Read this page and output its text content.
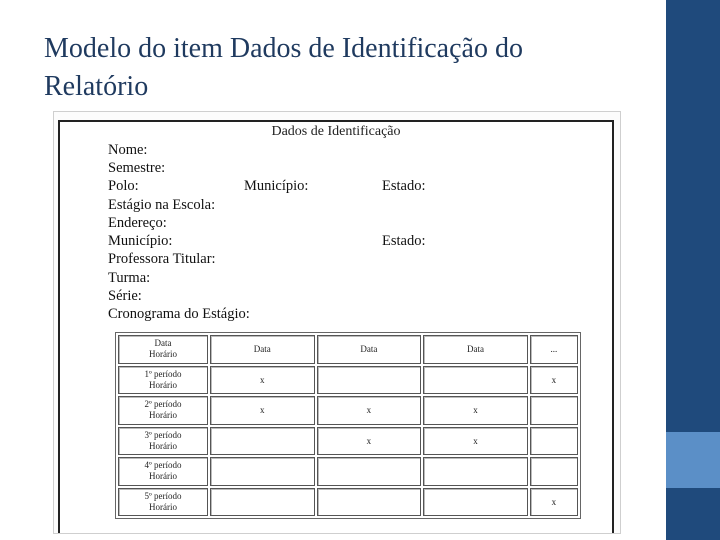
Modelo do item Dados de Identificação do
Relatório
Dados de Identificação
Nome:
Semestre:
Polo:	Município:	Estado:
Estágio na Escola:
Endereço:
Município:	Estado:
Professora Titular:
Turma:
Série:
Cronograma do Estágio:
Data
Horário	Data	Data	Data	...

1º período
Horário	x			x

2º período
Horário	x	x	x	

3º período
Horário		x	x	

4º período
Horário				

5º período
Horário				x
